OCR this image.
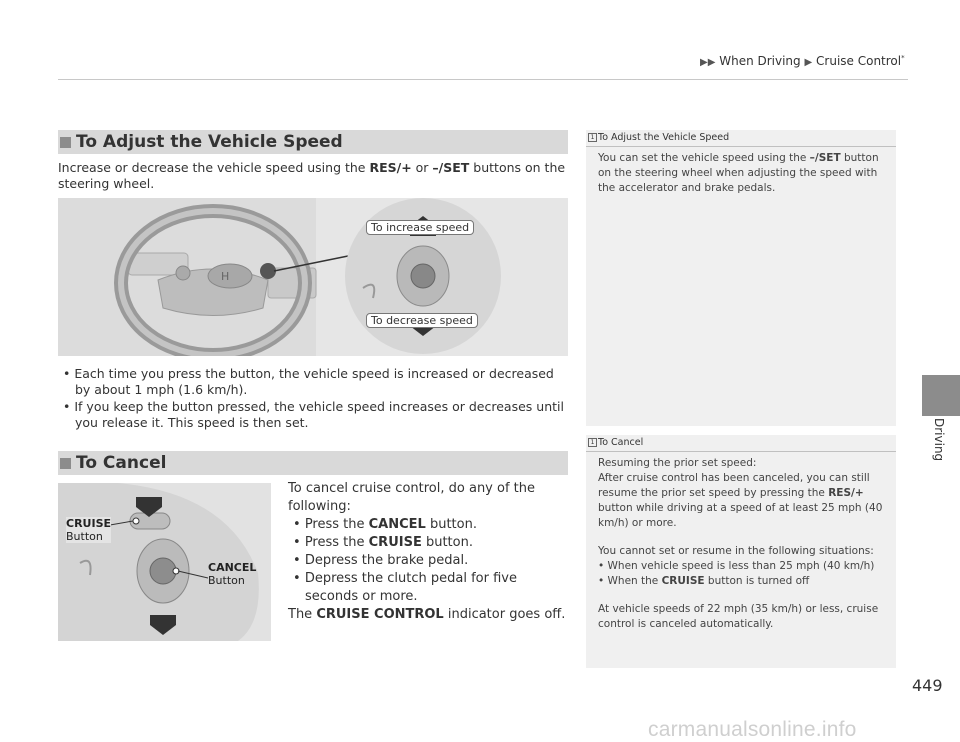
▶▶ When Driving ▶ Cruise Control*
Driving
To Adjust the Vehicle Speed
Increase or decrease the vehicle speed using the RES/+ or –/SET buttons on the steering wheel.
H
To increase speed
To decrease speed
• Each time you press the button, the vehicle speed is increased or decreased by about 1 mph (1.6 km/h).
• If you keep the button pressed, the vehicle speed increases or decreases until you release it. This speed is then set.
To Cancel
CRUISE
Button
CANCEL
Button
To cancel cruise control, do any of the following:
• Press the CANCEL button.
• Press the CRUISE button.
• Depress the brake pedal.
• Depress the clutch pedal for five seconds or more.
The CRUISE CONTROL indicator goes off.
1 To Adjust the Vehicle Speed
You can set the vehicle speed using the –/SET button on the steering wheel when adjusting the speed with the accelerator and brake pedals.
1 To Cancel
Resuming the prior set speed:
After cruise control has been canceled, you can still resume the prior set speed by pressing the RES/+ button while driving at a speed of at least 25 mph (40 km/h) or more.
You cannot set or resume in the following situations:
• When vehicle speed is less than 25 mph (40 km/h)
• When the CRUISE button is turned off
At vehicle speeds of 22 mph (35 km/h) or less, cruise control is canceled automatically.
449
carmanualsonline.info
